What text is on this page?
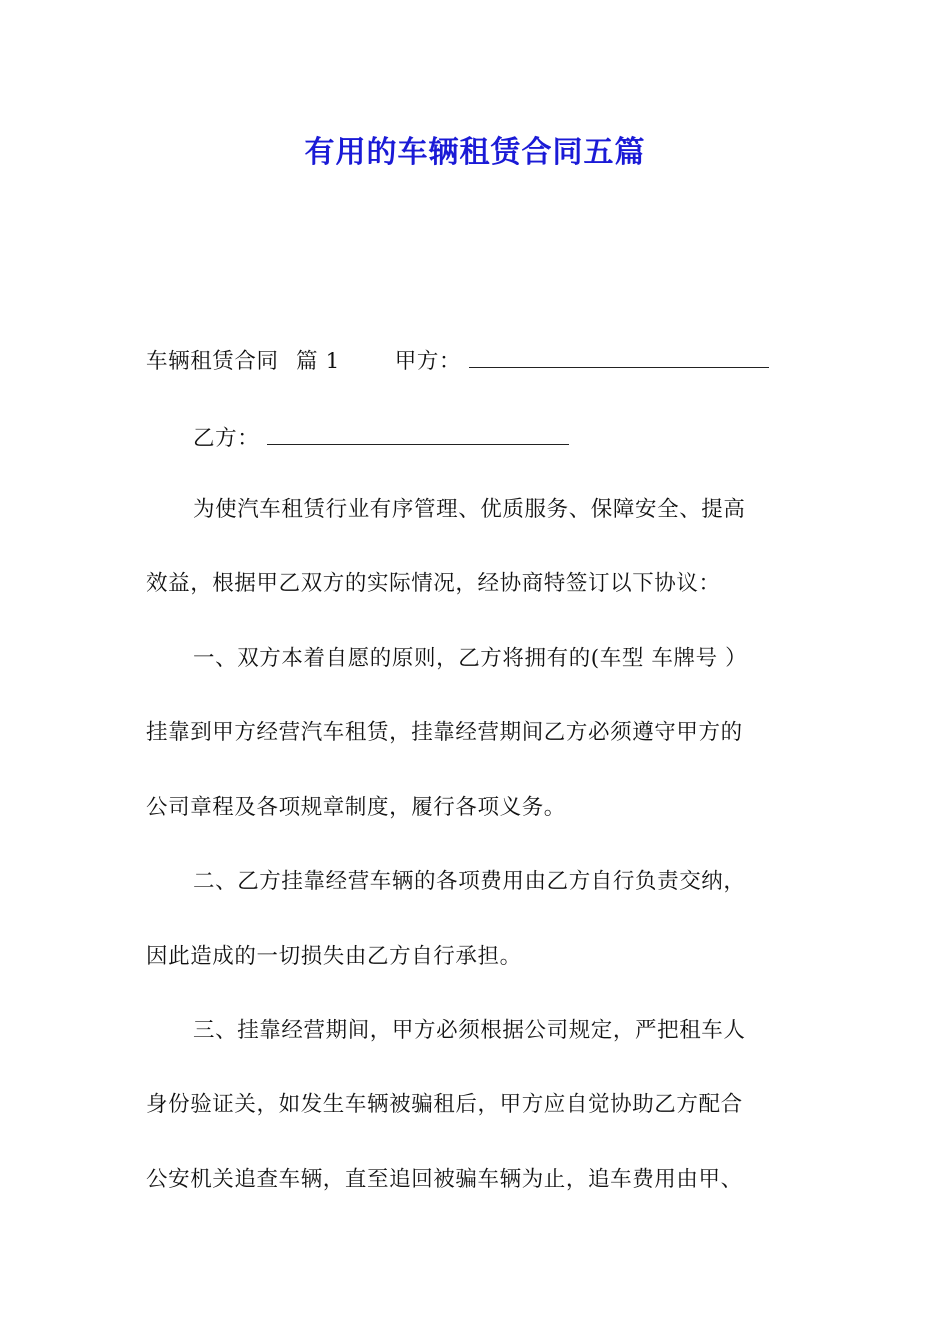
有用的车辆租赁合同五篇
车辆租赁合同 篇 1	甲方：
乙方：
为使汽车租赁行业有序管理、优质服务、保障安全、提高
效益，根据甲乙双方的实际情况，经协商特签订以下协议：
一、双方本着自愿的原则，乙方将拥有的(车型 车牌号 ）
挂靠到甲方经营汽车租赁，挂靠经营期间乙方必须遵守甲方的
公司章程及各项规章制度，履行各项义务。
二、乙方挂靠经营车辆的各项费用由乙方自行负责交纳，
因此造成的一切损失由乙方自行承担。
三、挂靠经营期间，甲方必须根据公司规定，严把租车人
身份验证关，如发生车辆被骗租后，甲方应自觉协助乙方配合
公安机关追查车辆，直至追回被骗车辆为止，追车费用由甲、
